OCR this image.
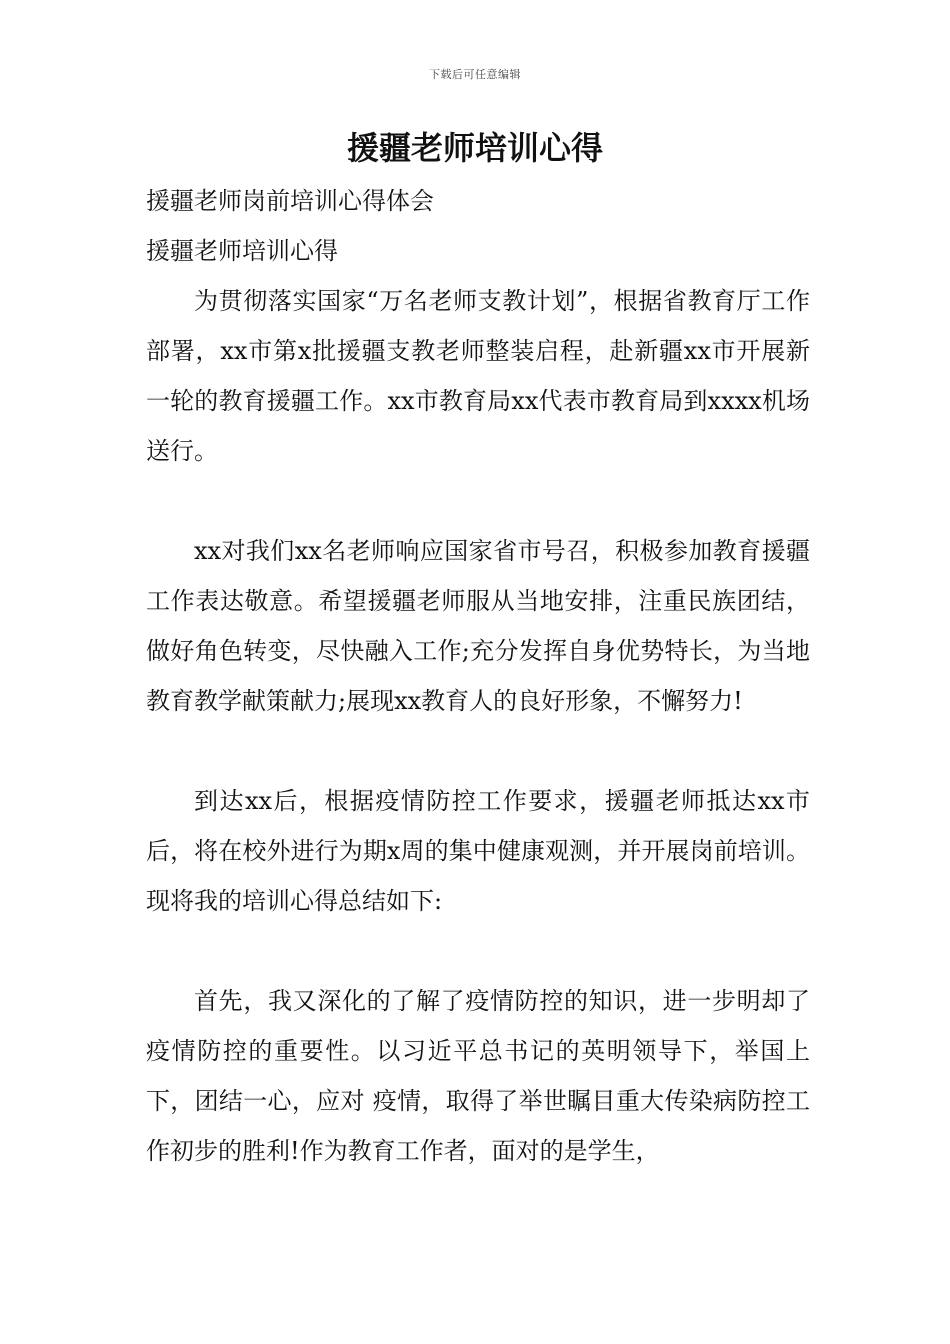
下载后可任意编辑
援疆老师培训心得

援疆老师岗前培训心得体会

援疆老师培训心得

为贯彻落实国家“万名老师支教计划”，根据省教育厅工作部署，xx市第x批援疆支教老师整装启程，赴新疆xx市开展新一轮的教育援疆工作。xx市教育局xx代表市教育局到xxxx机场送行。

xx对我们xx名老师响应国家省市号召，积极参加教育援疆工作表达敬意。希望援疆老师服从当地安排，注重民族团结，做好角色转变，尽快融入工作;充分发挥自身优势特长，为当地教育教学献策献力;展现xx教育人的良好形象，不懈努力!

到达xx后，根据疫情防控工作要求，援疆老师抵达xx市后，将在校外进行为期x周的集中健康观测，并开展岗前培训。现将我的培训心得总结如下:

首先，我又深化的了解了疫情防控的知识，进一步明却了疫情防控的重要性。以习近平总书记的英明领导下，举国上下，团结一心，应对 疫情，取得了举世瞩目重大传染病防控工作初步的胜利!作为教育工作者，面对的是学生，
